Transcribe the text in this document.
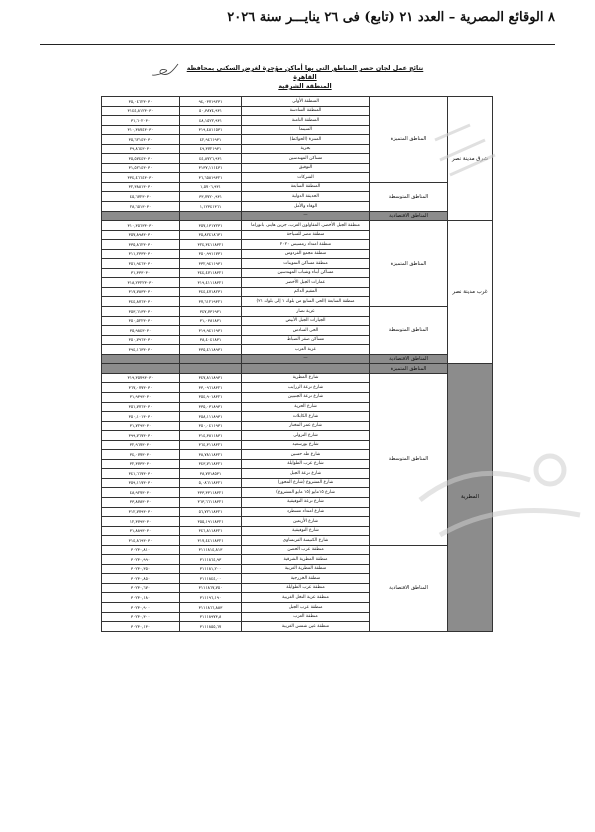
٨ الوقائع المصرية – العدد ٢١ (تابع) فى ٢٦ ينايـــر سنة ٢٠٢٦
نتائج عمل لجان حصر المناطق التى بها أماكن مؤجرة لغرض السكنى بمحافظة القاهرة
المنطقة الشرقية
٣٥,٠٤٦٢٣٠٣٠	٩٤,٠٣٧١٩٢٣١	المنطقة الأولى	المناطق المتميزة	شرق مدينة نصر
٣١٤٤,٨١٢٣٠٣٠	٥٠,٣٨٧٤,٩٣١	المنطقة السادسة		
٣١,٦٠٢٠٣٠	٤٨,١٥٢٢,٩٣١	المنطقة الثامنة		
٣١٠,٣٨٧٤٣٠٣٠	٣١٩,٤٨١١٥٣١	السينما		
٣٥,٦٢١٤٣٠٣٠	٤٢,٩٤٦١٩٣١	المنتزة (الحوائط)		
٣٩,٨٦٤٣٠٣٠	٤٩,٣٧٢١٩٣١	بحرية		
٣٥,٥٧٤٤٣٠٣٠	٤٤,٨٧٢٦,٩٣١	مساكن المهندسين		
٣١,٥٢١٤٣٠٣٠	٣١٣٧,١١١٤٣١	التوفيق		
٣٣٤,٤٦٦٤٣٠٣٠	٣٦,٦٥٨١٩٣٢١	الشركات		
٣٢,٣٨٨١٣٠٣٠	١,٥٧٠٦,٩٣١	المنطقة السابعة	المناطق المتوسطة	
٤٥,٦٧٢٣٠٣٠	٣٣,٧٧٢٠,٩٣١	الحديقة الدولية		
٢٨,٦٥١٣٠٣٠	١,١٢٣٤١٣٦١	الوفاء والأمل		
		—	المناطق الاقتصادية	
٣١٠,٣٥٦٣٣٠٣٠	٣٥٧,١٣١٧٢٣١	منطقة الجبل الأخضر، المقاولون العرب، جرين هايتز، بانوراما	المناطق المتميزة	غرب مدينة نصر
٣٥٧,٨٩٨٣٠٣٠	٣٥,٨٢٤١٨٦٣١	منطقة مصر للسياحة		
٣٣٥,٨٦٢٣٠٣٠	٣٢٤,٣٤١١٨٣٢١	منطقة امتداد رمسيس ٢٠٢٠		
٣١١,٢٣٣٣٠٣٠	٣٥٠,٩٩١١٧٣١	منطقة مجمع الفردوس		
٣٥١,٩٤٦٣٠٣٠	٣٣٢,٩٤١١٩٣١	منطقة مساكن التموينات		
٣١,٣٣٣٠٣٠	٣٤٤,٤٧١١٨٣٢١	مساكن أبناء وشباب المهندسين		
٣١٨,٢٣٢٢٣٠٣٠	٣١٩,٤١١١٨٣٢١	عمارات الجبل الأخضر		
٣١٧,٧٨٣٣٠٣٠	٣٤٤,٤٧١٨٢٣١	المقيم الدائم		
٣٤٤,٨٧٦٣٠٣٠	٣٧,٦١٢١٩٣٢١	منطقة السابعة (الحى السابع من بلوك ١ إلى بلوك ٢١)		
٣٥٣,٦١٣٣٠٣٠	٣٤٧,٧٣١٩٣١	عزبة نصار	المناطق المتوسطة	
٣٥٠,٥٢٢٣٠٣٠	٣١,٠٣٨١٨٣١	الجيارات الجبل الأبيض		
٣٥,٩٨٤٣٠٣٠	٣١٩,٩٤١١٩٣١	الحى السادس		
٣٥٠,٧٩٦٣٠٣٠	٣٨,٤٠٤١٨٣١	مساكن صقر الضباط		
٣٩٤,١٦٣٣٠٣٠	٣٣٥,٤١١٨٩٣١	عزبة العرب		
		—	المناطق الاقتصادية	
			المناطق المتميزة	المطرية
٣١٩,٣٥٧٩٣٠٣٠	٣٤٧,٨١١٨٩٣١	شارع المطرية	المناطق المتوسطة	
٣٦٧,٠٧٧٣٠٣٠	٣٣,٠٩٦١٨٣٢١	شارع ترعة الزرايب		
٣١,٩٣٩٣٠٣٠	٣٥٤,٩٠١٨٣٢١	شارع ترعة الجنبيين		
٣٥١,٧٧٦٣٠٣٠	٣٣٥,٠٣١٨٩٣١	شارع الحرية		
٣٥٠,١٠١٣٠٣٠	٣٥٨,١١١٨٩٣١	شارع الكابلات		
٣١,٧٢٩٣٠٣٠	٣٥٠,٠٤١١٩٣١	شارع عمر المختار		
٣٩٩,٧٦٧٣٠٣٠	٣١٤,٣٨١١٨٣١	شارع الترولى		
٣٢,٩٦٧٣٠٣٠	٣٦٤,٣١١٨٣٢١	شارع بورسعيد		
٣٤,٠٧٧٣٠٣٠	٣٨,٧٨١١٨٣٢١	شارع طه حسين		
٣٢,٣٧٣٣٠٣٠	٣٤٣,٧١١٨٣٢١	شارع عرب الطوايلة		
٣٤١,٦٦٧٣٠٣٠	٣٨,٧٧١٨٥٣١	شارع ترعة الجبل		
٣٥٩,١١٧٣٠٣٠	٥,٠٨٦١١٨٣٢١	شارع المشروع (شارع المحور)		
٤٨,٩٢٧٣٠٣٠	٣٣٣,٣٣١١٨٣٢١	شارع ١٥مايو (١٥ مايو المشروع)		
٣٣,٨٧٨٣٠٣٠	٣٦٣,٦٦١١٨٣٢١	شارع ترعة التوفيقية		
٣١٢,٧٧٩٣٠٣٠	٥٦,٧٢١١٨٣٢١	شارع امتداد مسطرد		
١٢,٣٧٩٣٠٣٠	٣٥٥,١٩١١٨٣٢١	شارع الأربعين		
٣١,٨٨٩٣٠٣٠	٣٤٦,٨١١٨٣٢١	شارع التوفيقية		
٣١٤,٨٦٩٣٠٣٠	٣١٧,٤٤١١٨٣٢١	شارع الكنيسة الفرنساوى		
٣٠٢٣٠,٨١٠	٣١١١٨١٤,٨١٣	منطقة عرب الحصن	المناطق الاقتصادية	
٣٠٢٣٠,٩٩٠	٣١١١٨٦٤,٩٣	منطقة المطرية الشرقية		
٣٠٢٣٠,٣٥٠	٣١١١٨١,٢٠٠	منطقة المطرية الغربية		
٣٠٢٣٠,٨٥٠	٣١١١٨٤٤,٠٠	منطقة الخزرجية		
٣٠٢٣٠,٦٧٠	٣١١١٨٦٧,٧٥٠	منطقة عرب الطوايلة		
٣٠٢٣٠,١٨٠	٣١١١٩٦,١٩٠	منطقة عزبة النخل الغربية		
٣٠٢٣٠,٩٠٠	٣١١١٨٦٦,٨٨٣	منطقة عرب الجبل		
٣٠٢٣٠,٣٠٠	٣١١١٨٩٧٣,٨	منطقة العزب		
٣٠٢٣٠,١٣٠	٣١١١٨٥٥,٦٧	منطقة عين شمس الغربية		
